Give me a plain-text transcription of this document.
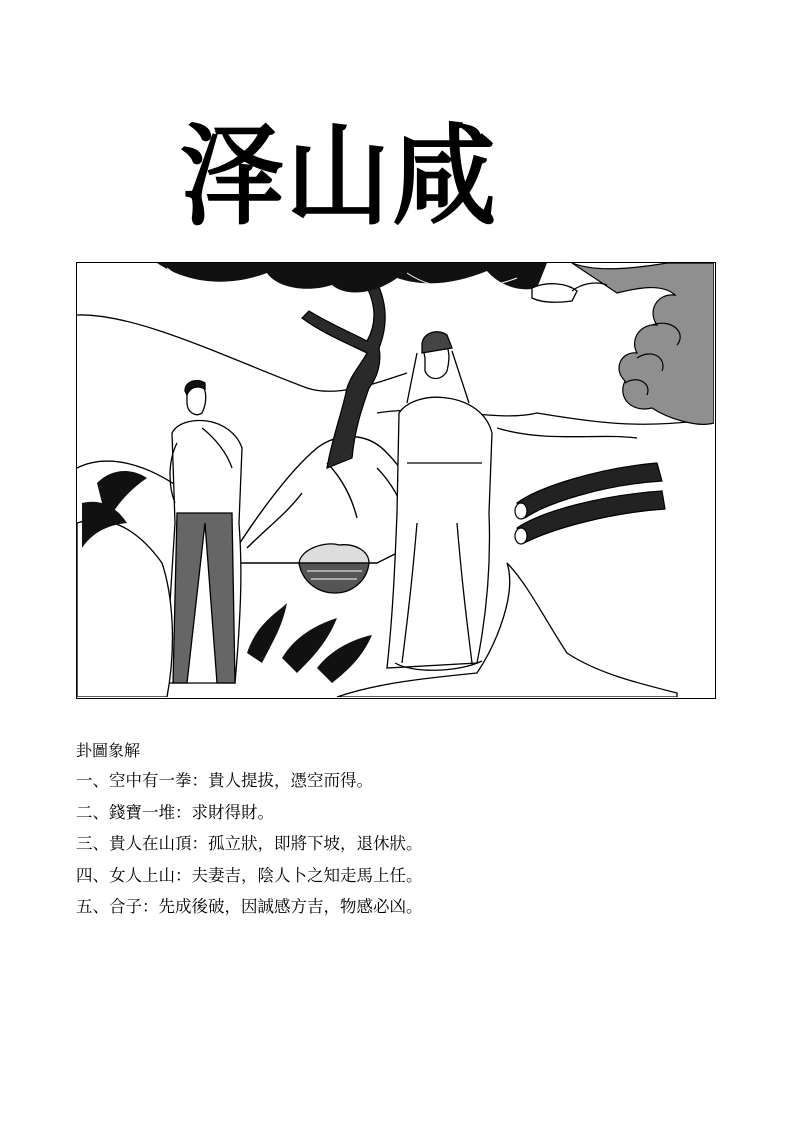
泽山咸
卦圖象解
一、空中有一拳：貴人提拔，憑空而得。
二、錢寶一堆：求財得財。
三、貴人在山頂：孤立狀，即將下坡，退休狀。
四、女人上山：夫妻吉，陰人卜之知走馬上任。
五、合子：先成後破，因誠感方吉，物感必凶。
